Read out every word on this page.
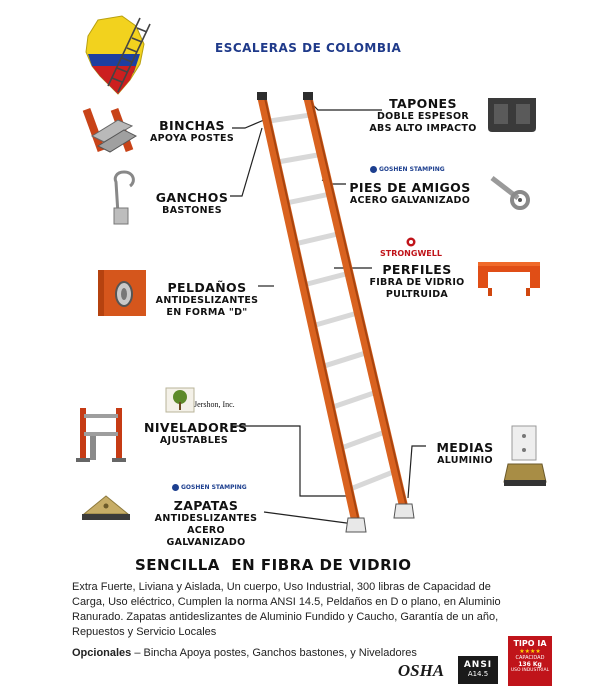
ESCALERAS DE COLOMBIA
Jershon, Inc.
GOSHEN STAMPING
STRONGWELL
GOSHEN STAMPING
BINCHAS
APOYA POSTES
GANCHOS
BASTONES
PELDAÑOS
ANTIDESLIZANTES
EN FORMA "D"
NIVELADORES
AJUSTABLES
ZAPATAS
ANTIDESLIZANTES
ACERO GALVANIZADO
TAPONES
DOBLE ESPESOR
ABS ALTO IMPACTO
PIES DE AMIGOS
ACERO GALVANIZADO
PERFILES
FIBRA DE VIDRIO
PULTRUIDA
MEDIAS
ALUMINIO
SENCILLA  EN FIBRA DE VIDRIO
Extra Fuerte, Liviana y Aislada, Un cuerpo, Uso Industrial, 300 libras de Capacidad de Carga, Uso eléctrico, Cumplen la norma ANSI 14.5, Peldaños en D o plano, en Aluminio Ranurado. Zapatas antideslizantes de Aluminio Fundido y Caucho, Garantía de un año, Repuestos y Servicio Locales
Opcionales – Bincha Apoya postes, Ganchos bastones, y Niveladores
OSHA	ANSI
A14.5
TIPO IA
★★★★
CAPACIDAD
136 Kg
USO INDUSTRIAL
